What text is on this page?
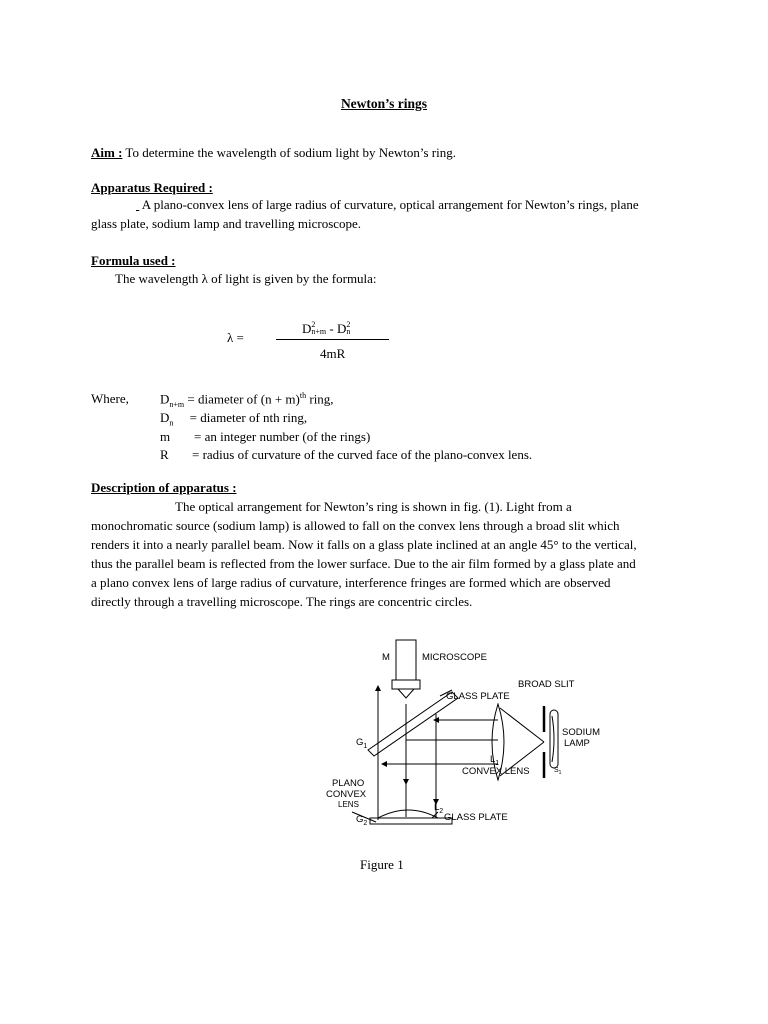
Newton’s rings
Aim : To determine the wavelength of sodium light by Newton’s ring.
Apparatus Required :
A plano-convex lens of large radius of curvature, optical arrangement for Newton’s rings, plane
glass plate, sodium lamp and travelling microscope.
Formula used :
The wavelength λ of light is given by the formula:
λ =
$D^2_{n+m} - D^2_n$
4mR
Where, $D_{n+m}$ = diameter of $(n + m)^{th}$ ring,
$D_n$     = diameter of nth ring,
m = an integer number (of the rings)
R = radius of curvature of the curved face of the plano-convex lens.
Description of apparatus :
The optical arrangement for Newton’s ring is shown in fig. (1). Light from a
monochromatic source (sodium lamp) is allowed to fall on the convex lens through a broad slit which
renders it into a nearly parallel beam. Now it falls on a glass plate inclined at an angle 45° to the vertical,
thus the parallel beam is reflected from the lower surface. Due to the air film formed by a glass plate and
a plano convex lens of large radius of curvature, interference fringes are formed which are observed
directly through a travelling microscope. The rings are concentric circles.
M	MICROSCOPE
BROAD SLIT
GLASS PLATE
SODIUM
LAMP
$S_1$
$G_1$
$L_1$
CONVEX LENS
PLANO
CONVEX
LENS	$L_2$
GLASS PLATE
$G_2$
Figure 1
